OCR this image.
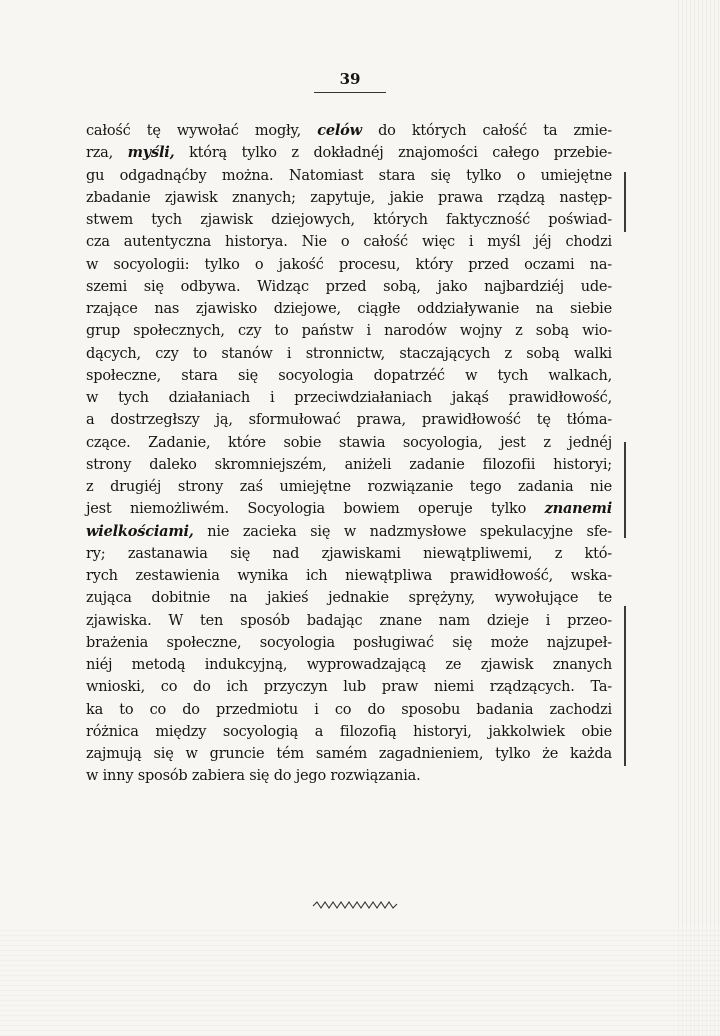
39

całość tę wywołać mogły, celów do których całość ta zmie-
rza, myśli, którą tylko z dokładnéj znajomości całego przebie-
gu odgadnąćby można. Natomiast stara się tylko o umiejętne
zbadanie zjawisk znanych; zapytuje, jakie prawa rządzą następ-
stwem tych zjawisk dziejowych, których faktyczność poświad-
cza autentyczna historya. Nie o całość więc i myśl jéj chodzi
w socyologii: tylko o jakość procesu, który przed oczami na-
szemi się odbywa. Widząc przed sobą, jako najbardziéj ude-
rzające nas zjawisko dziejowe, ciągłe oddziaływanie na siebie
grup społecznych, czy to państw i narodów wojny z sobą wio-
dących, czy to stanów i stronnictw, staczających z sobą walki
społeczne, stara się socyologia dopatrzéć w tych walkach,
w tych działaniach i przeciwdziałaniach jakąś prawidłowość,
a dostrzegłszy ją, sformułować prawa, prawidłowość tę tłóma-
czące. Zadanie, które sobie stawia socyologia, jest z jednéj
strony daleko skromniejszém, aniżeli zadanie filozofii historyi;
z drugiéj strony zaś umiejętne rozwiązanie tego zadania nie
jest niemożliwém. Socyologia bowiem operuje tylko znanemi
wielkościami, nie zacieka się w nadzmysłowe spekulacyjne sfe-
ry; zastanawia się nad zjawiskami niewątpliwemi, z któ-
rych zestawienia wynika ich niewątpliwa prawidłowość, wska-
zująca dobitnie na jakieś jednakie sprężyny, wywołujące te
zjawiska. W ten sposób badając znane nam dzieje i przeo-
brażenia społeczne, socyologia posługiwać się może najzupeł-
niéj metodą indukcyjną, wyprowadzającą ze zjawisk znanych
wnioski, co do ich przyczyn lub praw niemi rządzących. Ta-
ka to co do przedmiotu i co do sposobu badania zachodzi
różnica między socyologią a filozofią historyi, jakkolwiek obie
zajmują się w gruncie tém samém zagadnieniem, tylko że każda
w inny sposób zabiera się do jego rozwiązania.
